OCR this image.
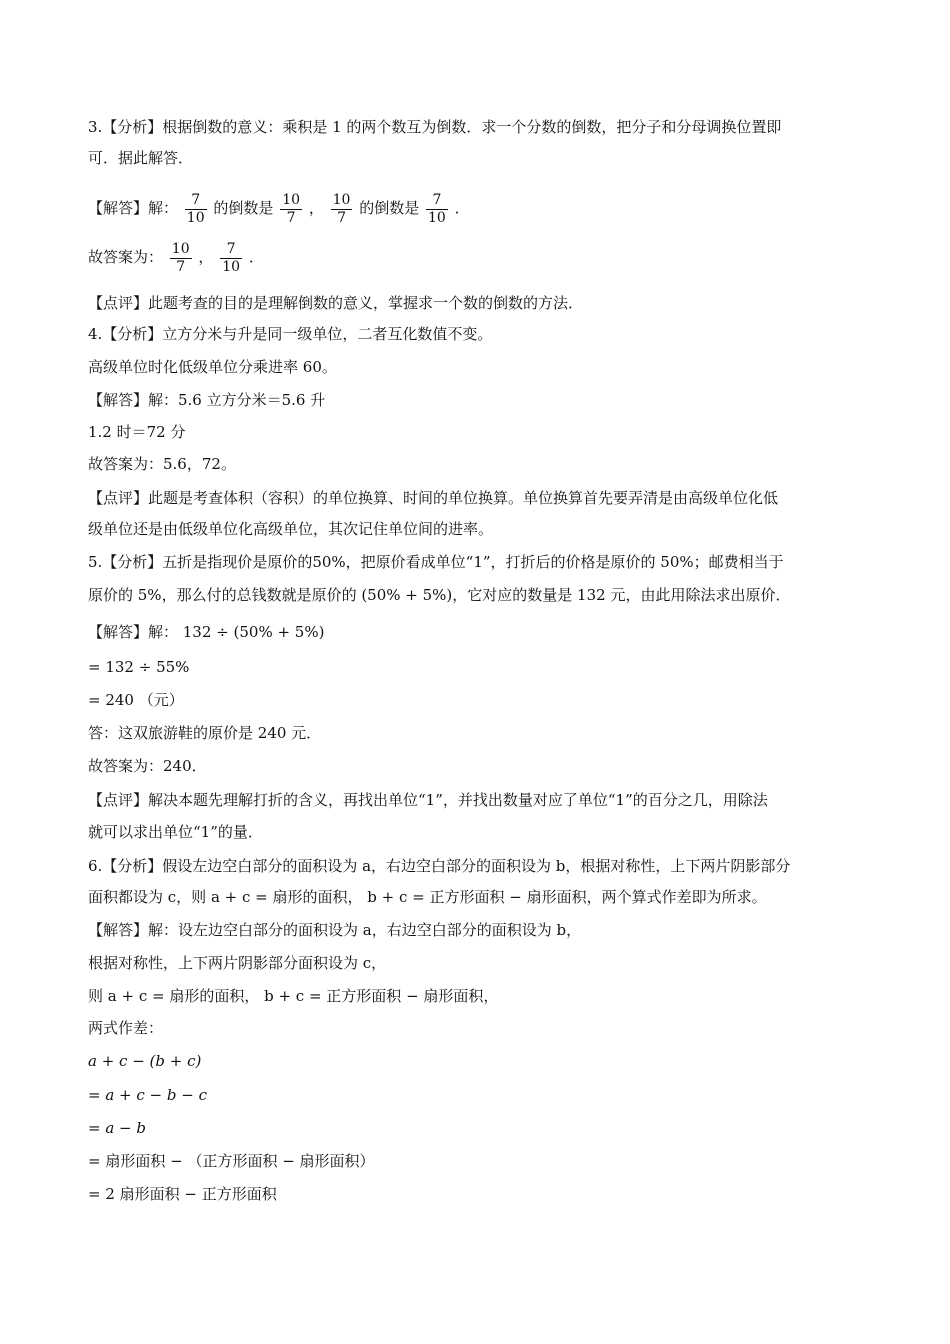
3.【分析】根据倒数的意义：乘积是 1 的两个数互为倒数．求一个分数的倒数，把分子和分母调换位置即
可．据此解答．
【解答】解： $\frac{7}{10}$ 的倒数是 $\frac{10}{7}$ ， $\frac{10}{7}$ 的倒数是 $\frac{7}{10}$ ．
故答案为： $\frac{10}{7}$ ， $\frac{7}{10}$ ．
【点评】此题考查的目的是理解倒数的意义，掌握求一个数的倒数的方法．
4.【分析】立方分米与升是同一级单位，二者互化数值不变。
高级单位时化低级单位分乘进率 60。
【解答】解：5.6 立方分米＝5.6 升
1.2 时＝72 分
故答案为：5.6，72。
【点评】此题是考查体积（容积）的单位换算、时间的单位换算。单位换算首先要弄清是由高级单位化低
级单位还是由低级单位化高级单位，其次记住单位间的进率。
5.【分析】五折是指现价是原价的50%，把原价看成单位“1”，打折后的价格是原价的 50%；邮费相当于
原价的 5%，那么付的总钱数就是原价的 (50% + 5%)，它对应的数量是 132 元，由此用除法求出原价．
【解答】解： 132 ÷ (50% + 5%)
= 132 ÷ 55%
= 240 （元）
答：这双旅游鞋的原价是 240 元．
故答案为：240．
【点评】解决本题先理解打折的含义，再找出单位“1”，并找出数量对应了单位“1”的百分之几，用除法
就可以求出单位“1”的量．
6.【分析】假设左边空白部分的面积设为 a，右边空白部分的面积设为 b，根据对称性，上下两片阴影部分
面积都设为 c，则 a + c = 扇形的面积， b + c = 正方形面积 − 扇形面积，两个算式作差即为所求。
【解答】解：设左边空白部分的面积设为 a，右边空白部分的面积设为 b，
根据对称性，上下两片阴影部分面积设为 c，
则 a + c = 扇形的面积， b + c = 正方形面积 − 扇形面积，
两式作差：
a + c − (b + c)
= a + c − b − c
= a − b
= 扇形面积 − （正方形面积 − 扇形面积）
= 2 扇形面积 − 正方形面积
